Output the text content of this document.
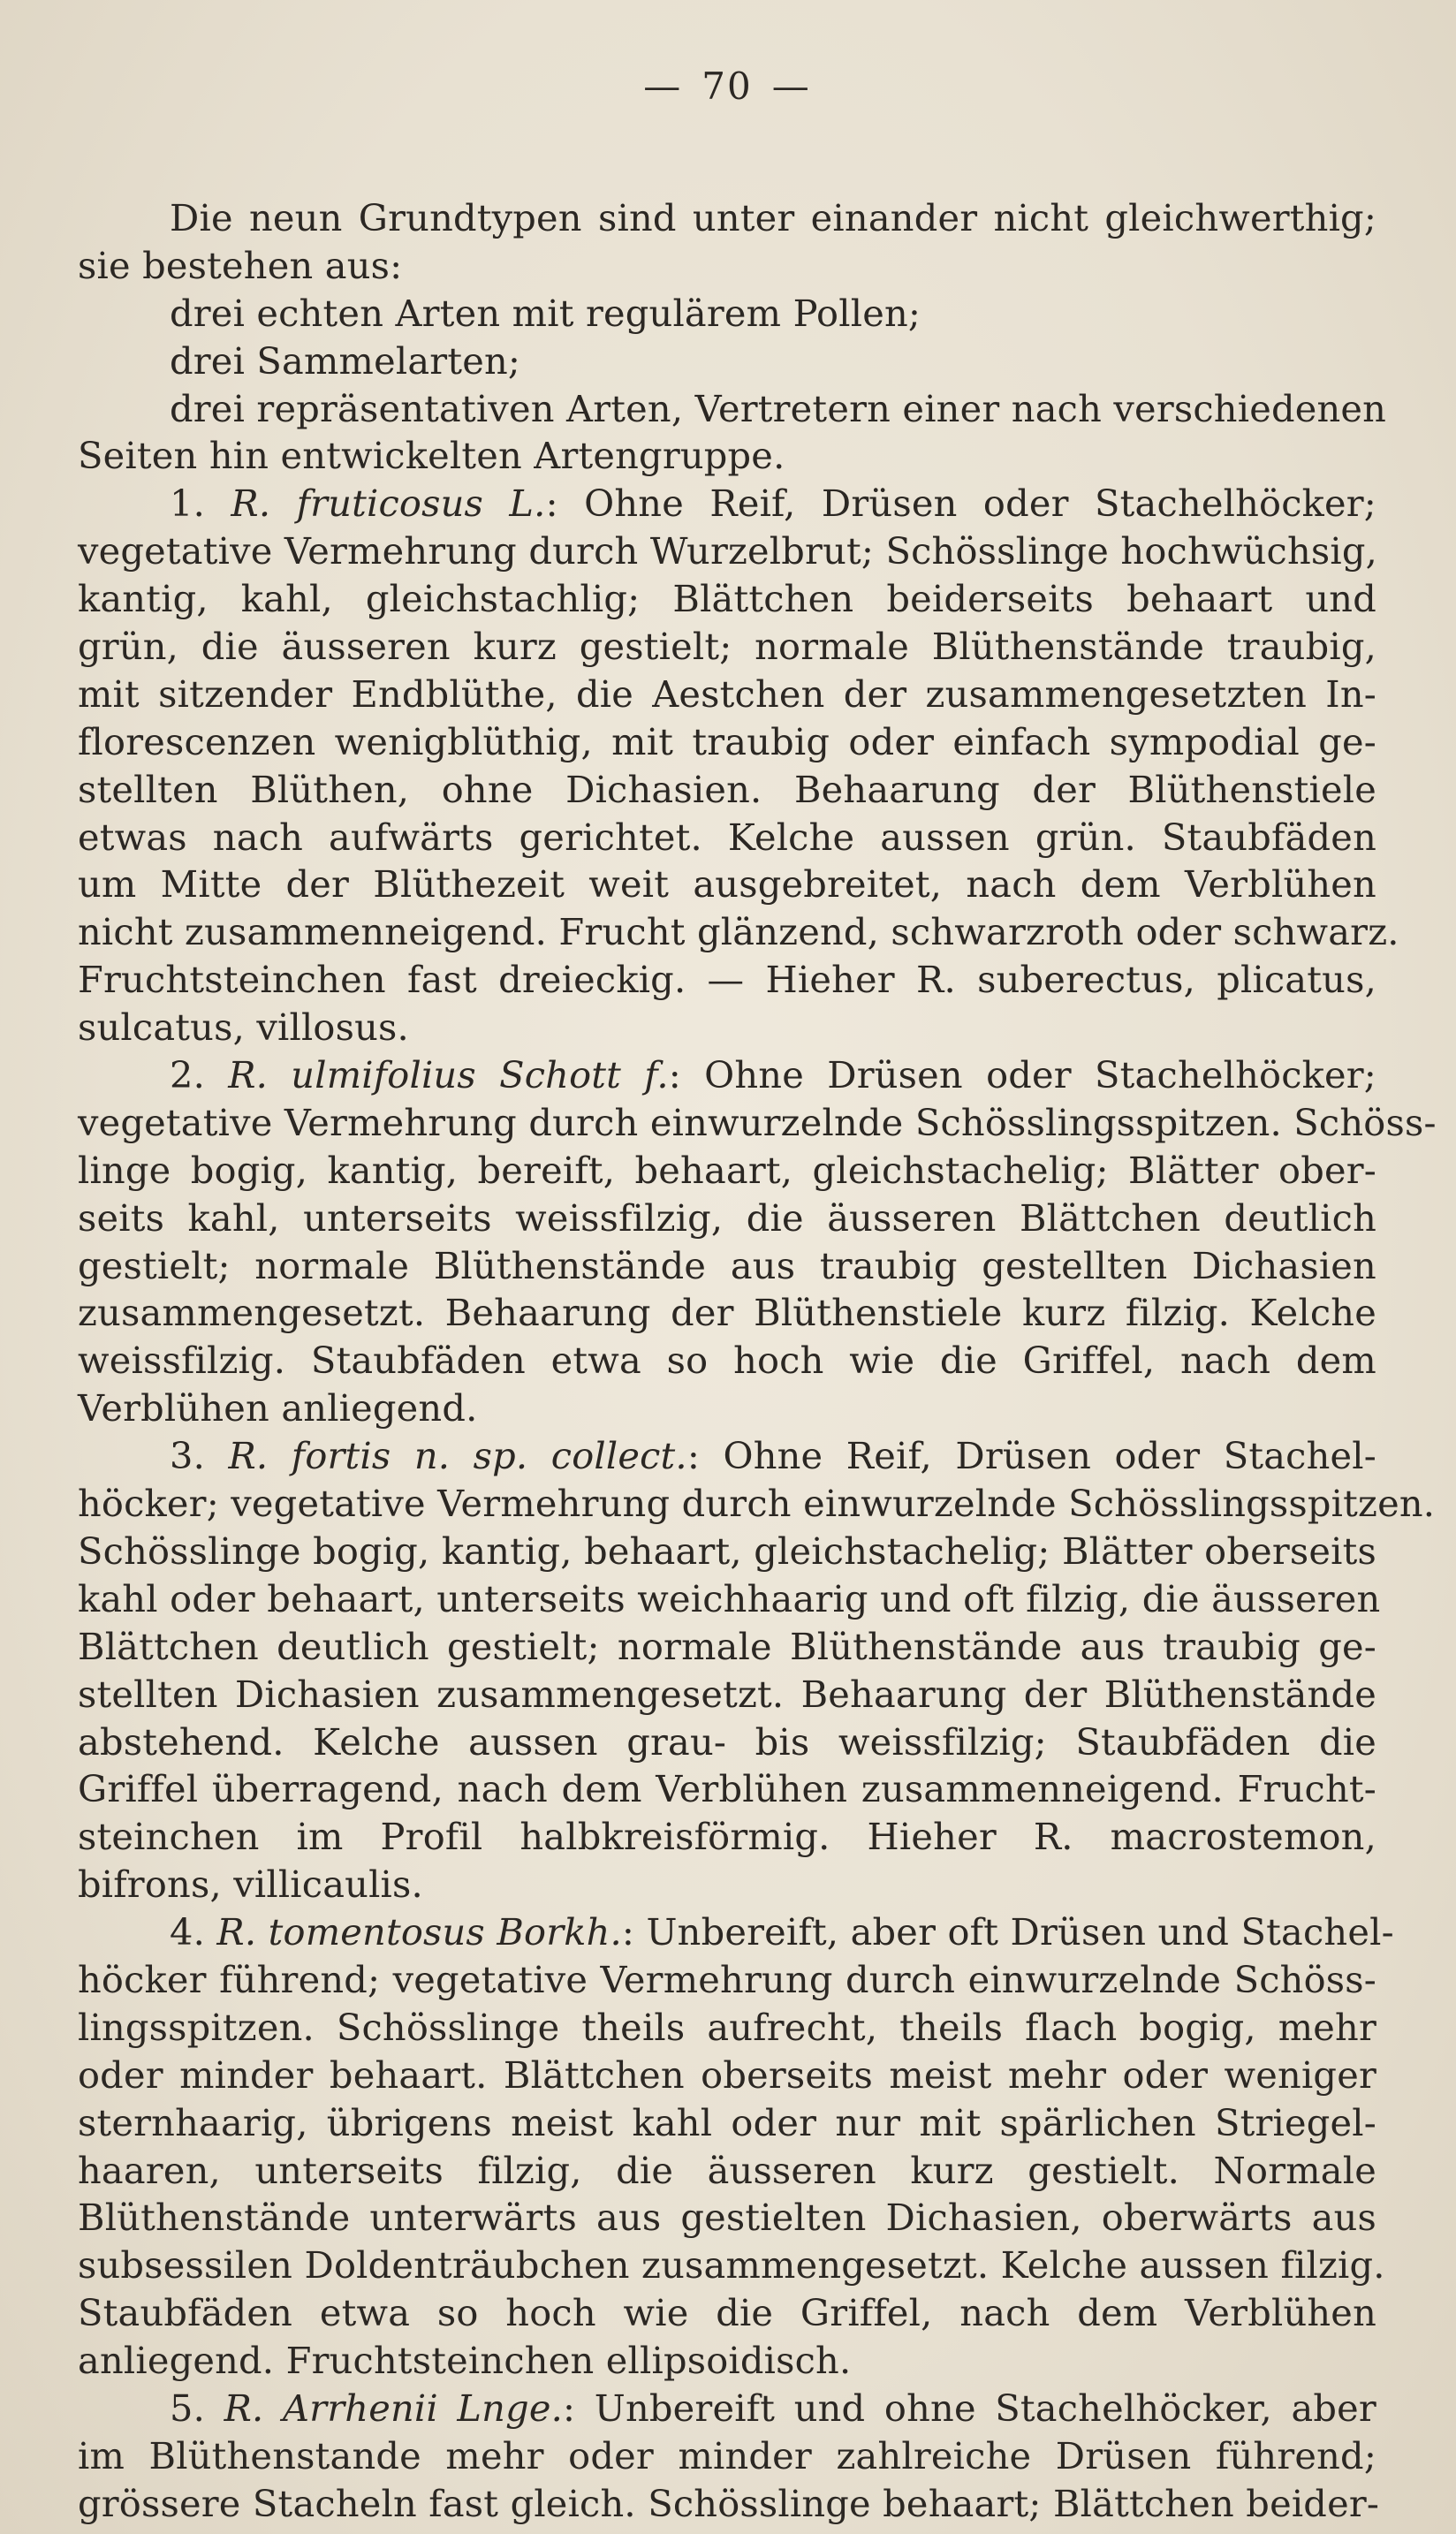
— 70 —
Die neun Grundtypen sind unter einander nicht gleichwerthig;
sie bestehen aus:
drei echten Arten mit regulärem Pollen;
drei Sammelarten;
drei repräsentativen Arten, Vertretern einer nach verschiedenen
Seiten hin entwickelten Artengruppe.
1. R. fruticosus L.: Ohne Reif, Drüsen oder Stachelhöcker;
vegetative Vermehrung durch Wurzelbrut; Schösslinge hochwüchsig,
kantig, kahl, gleichstachlig; Blättchen beiderseits behaart und
grün, die äusseren kurz gestielt; normale Blüthenstände traubig,
mit sitzender Endblüthe, die Aestchen der zusammengesetzten In-
florescenzen wenigblüthig, mit traubig oder einfach sympodial ge-
stellten Blüthen, ohne Dichasien. Behaarung der Blüthenstiele
etwas nach aufwärts gerichtet. Kelche aussen grün. Staubfäden
um Mitte der Blüthezeit weit ausgebreitet, nach dem Verblühen
nicht zusammenneigend. Frucht glänzend, schwarzroth oder schwarz.
Fruchtsteinchen fast dreieckig. — Hieher R. suberectus, plicatus,
sulcatus, villosus.
2. R. ulmifolius Schott f.: Ohne Drüsen oder Stachelhöcker;
vegetative Vermehrung durch einwurzelnde Schösslingsspitzen. Schöss-
linge bogig, kantig, bereift, behaart, gleichstachelig; Blätter ober-
seits kahl, unterseits weissfilzig, die äusseren Blättchen deutlich
gestielt; normale Blüthenstände aus traubig gestellten Dichasien
zusammengesetzt. Behaarung der Blüthenstiele kurz filzig. Kelche
weissfilzig. Staubfäden etwa so hoch wie die Griffel, nach dem
Verblühen anliegend.
3. R. fortis n. sp. collect.: Ohne Reif, Drüsen oder Stachel-
höcker; vegetative Vermehrung durch einwurzelnde Schösslingsspitzen.
Schösslinge bogig, kantig, behaart, gleichstachelig; Blätter oberseits
kahl oder behaart, unterseits weichhaarig und oft filzig, die äusseren
Blättchen deutlich gestielt; normale Blüthenstände aus traubig ge-
stellten Dichasien zusammengesetzt. Behaarung der Blüthenstände
abstehend. Kelche aussen grau- bis weissfilzig; Staubfäden die
Griffel überragend, nach dem Verblühen zusammenneigend. Frucht-
steinchen im Profil halbkreisförmig. Hieher R. macrostemon,
bifrons, villicaulis.
4. R. tomentosus Borkh.: Unbereift, aber oft Drüsen und Stachel-
höcker führend; vegetative Vermehrung durch einwurzelnde Schöss-
lingsspitzen. Schösslinge theils aufrecht, theils flach bogig, mehr
oder minder behaart. Blättchen oberseits meist mehr oder weniger
sternhaarig, übrigens meist kahl oder nur mit spärlichen Striegel-
haaren, unterseits filzig, die äusseren kurz gestielt. Normale
Blüthenstände unterwärts aus gestielten Dichasien, oberwärts aus
subsessilen Doldenträubchen zusammengesetzt. Kelche aussen filzig.
Staubfäden etwa so hoch wie die Griffel, nach dem Verblühen
anliegend. Fruchtsteinchen ellipsoidisch.
5. R. Arrhenii Lnge.: Unbereift und ohne Stachelhöcker, aber
im Blüthenstande mehr oder minder zahlreiche Drüsen führend;
grössere Stacheln fast gleich. Schösslinge behaart; Blättchen beider-
